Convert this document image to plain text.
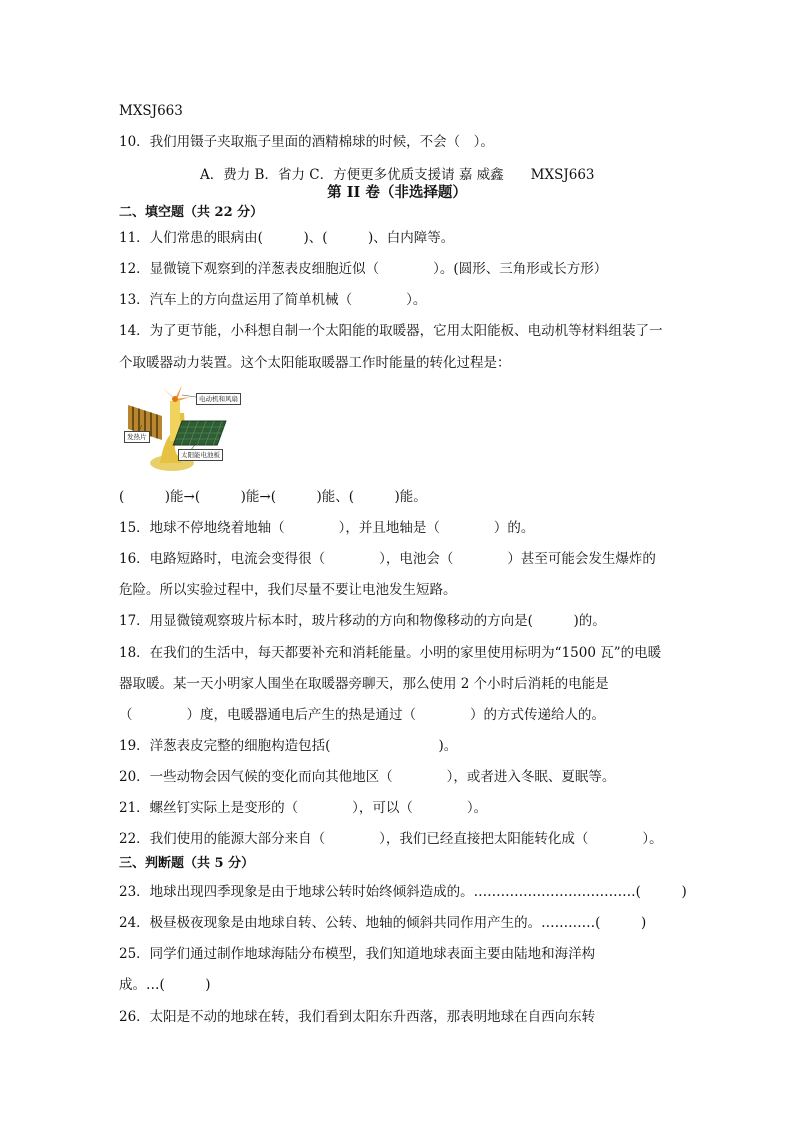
MXSJ663
10．我们用镊子夹取瓶子里面的酒精棉球的时候，不会（　）。
A．费力 B．省力 C．方便更多优质支援请 嘉 威鑫　　MXSJ663
第 II 卷（非选择题）
二、填空题（共 22 分）
11．人们常患的眼病由(　　　)、(　　　)、白内障等。
12．显微镜下观察到的洋葱表皮细胞近似（　　　　）。(圆形、三角形或长方形）
13．汽车上的方向盘运用了简单机械（　　　　）。
14．为了更节能，小科想自制一个太阳能的取暖器，它用太阳能板、电动机等材料组装了一
个取暖器动力装置。这个太阳能取暖器工作时能量的转化过程是：
电动机和风扇
发热片
太阳能电池板
(　　　)能→(　　　)能→(　　　)能、(　　　)能。
15．地球不停地绕着地轴（　　　　），并且地轴是（　　　　）的。
16．电路短路时，电流会变得很（　　　　），电池会（　　　　）甚至可能会发生爆炸的
危险。所以实验过程中，我们尽量不要让电池发生短路。
17．用显微镜观察玻片标本时，玻片移动的方向和物像移动的方向是(　　　)的。
18．在我们的生活中，每天都要补充和消耗能量。小明的家里使用标明为“1500 瓦”的电暖
器取暖。某一天小明家人围坐在取暖器旁聊天，那么使用 2 个小时后消耗的电能是
（　　　　）度，电暖器通电后产生的热是通过（　　　　）的方式传递给人的。
19．洋葱表皮完整的细胞构造包括(　　　　　　　　)。
20．一些动物会因气候的变化而向其他地区（　　　　），或者进入冬眠、夏眠等。
21．螺丝钉实际上是变形的（　　　　），可以（　　　　）。
22．我们使用的能源大部分来自（　　　　），我们已经直接把太阳能转化成（　　　　）。
三、判断题（共 5 分）
23．地球出现四季现象是由于地球公转时始终倾斜造成的。………………………………(　　　)
24．极昼极夜现象是由地球自转、公转、地轴的倾斜共同作用产生的。…………(　　　)
25．同学们通过制作地球海陆分布模型，我们知道地球表面主要由陆地和海洋构
成。…(　　　)
26．太阳是不动的地球在转，我们看到太阳东升西落，那表明地球在自西向东转
